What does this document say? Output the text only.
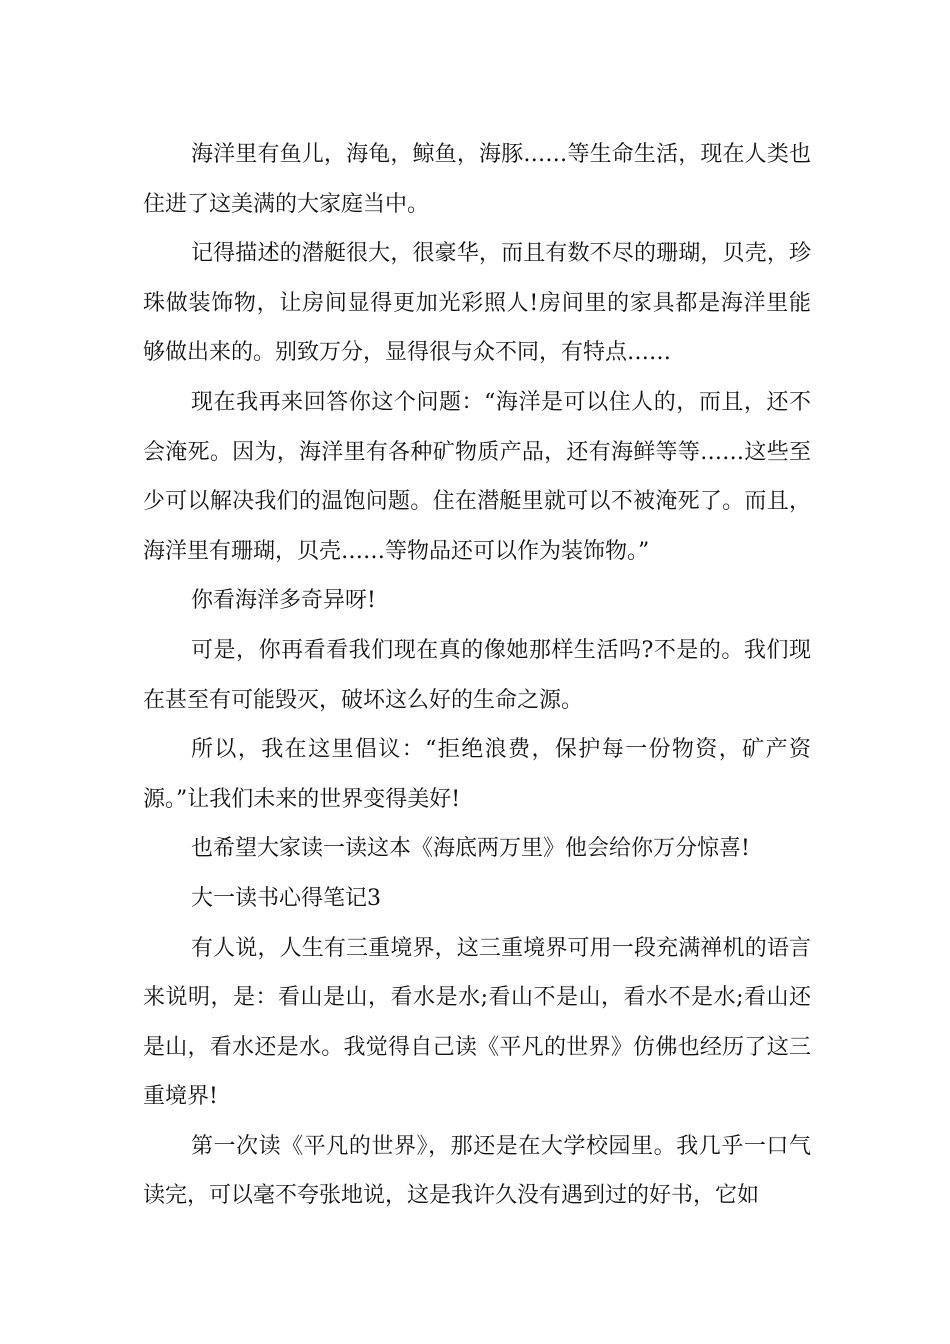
海洋里有鱼儿，海龟，鲸鱼，海豚……等生命生活，现在人类也住进了这美满的大家庭当中。

记得描述的潜艇很大，很豪华，而且有数不尽的珊瑚，贝壳，珍珠做装饰物，让房间显得更加光彩照人!房间里的家具都是海洋里能够做出来的。别致万分，显得很与众不同，有特点……

现在我再来回答你这个问题：“海洋是可以住人的，而且，还不会淹死。因为，海洋里有各种矿物质产品，还有海鲜等等……这些至少可以解决我们的温饱问题。住在潜艇里就可以不被淹死了。而且，海洋里有珊瑚，贝壳……等物品还可以作为装饰物。”

你看海洋多奇异呀!

可是，你再看看我们现在真的像她那样生活吗?不是的。我们现在甚至有可能毁灭，破坏这么好的生命之源。

所以，我在这里倡议：“拒绝浪费，保护每一份物资，矿产资源。”让我们未来的世界变得美好!

也希望大家读一读这本《海底两万里》他会给你万分惊喜!

大一读书心得笔记3

有人说，人生有三重境界，这三重境界可用一段充满禅机的语言来说明，是：看山是山，看水是水;看山不是山，看水不是水;看山还是山，看水还是水。我觉得自己读《平凡的世界》仿佛也经历了这三重境界!

第一次读《平凡的世界》，那还是在大学校园里。我几乎一口气读完，可以毫不夸张地说，这是我许久没有遇到过的好书，它如
